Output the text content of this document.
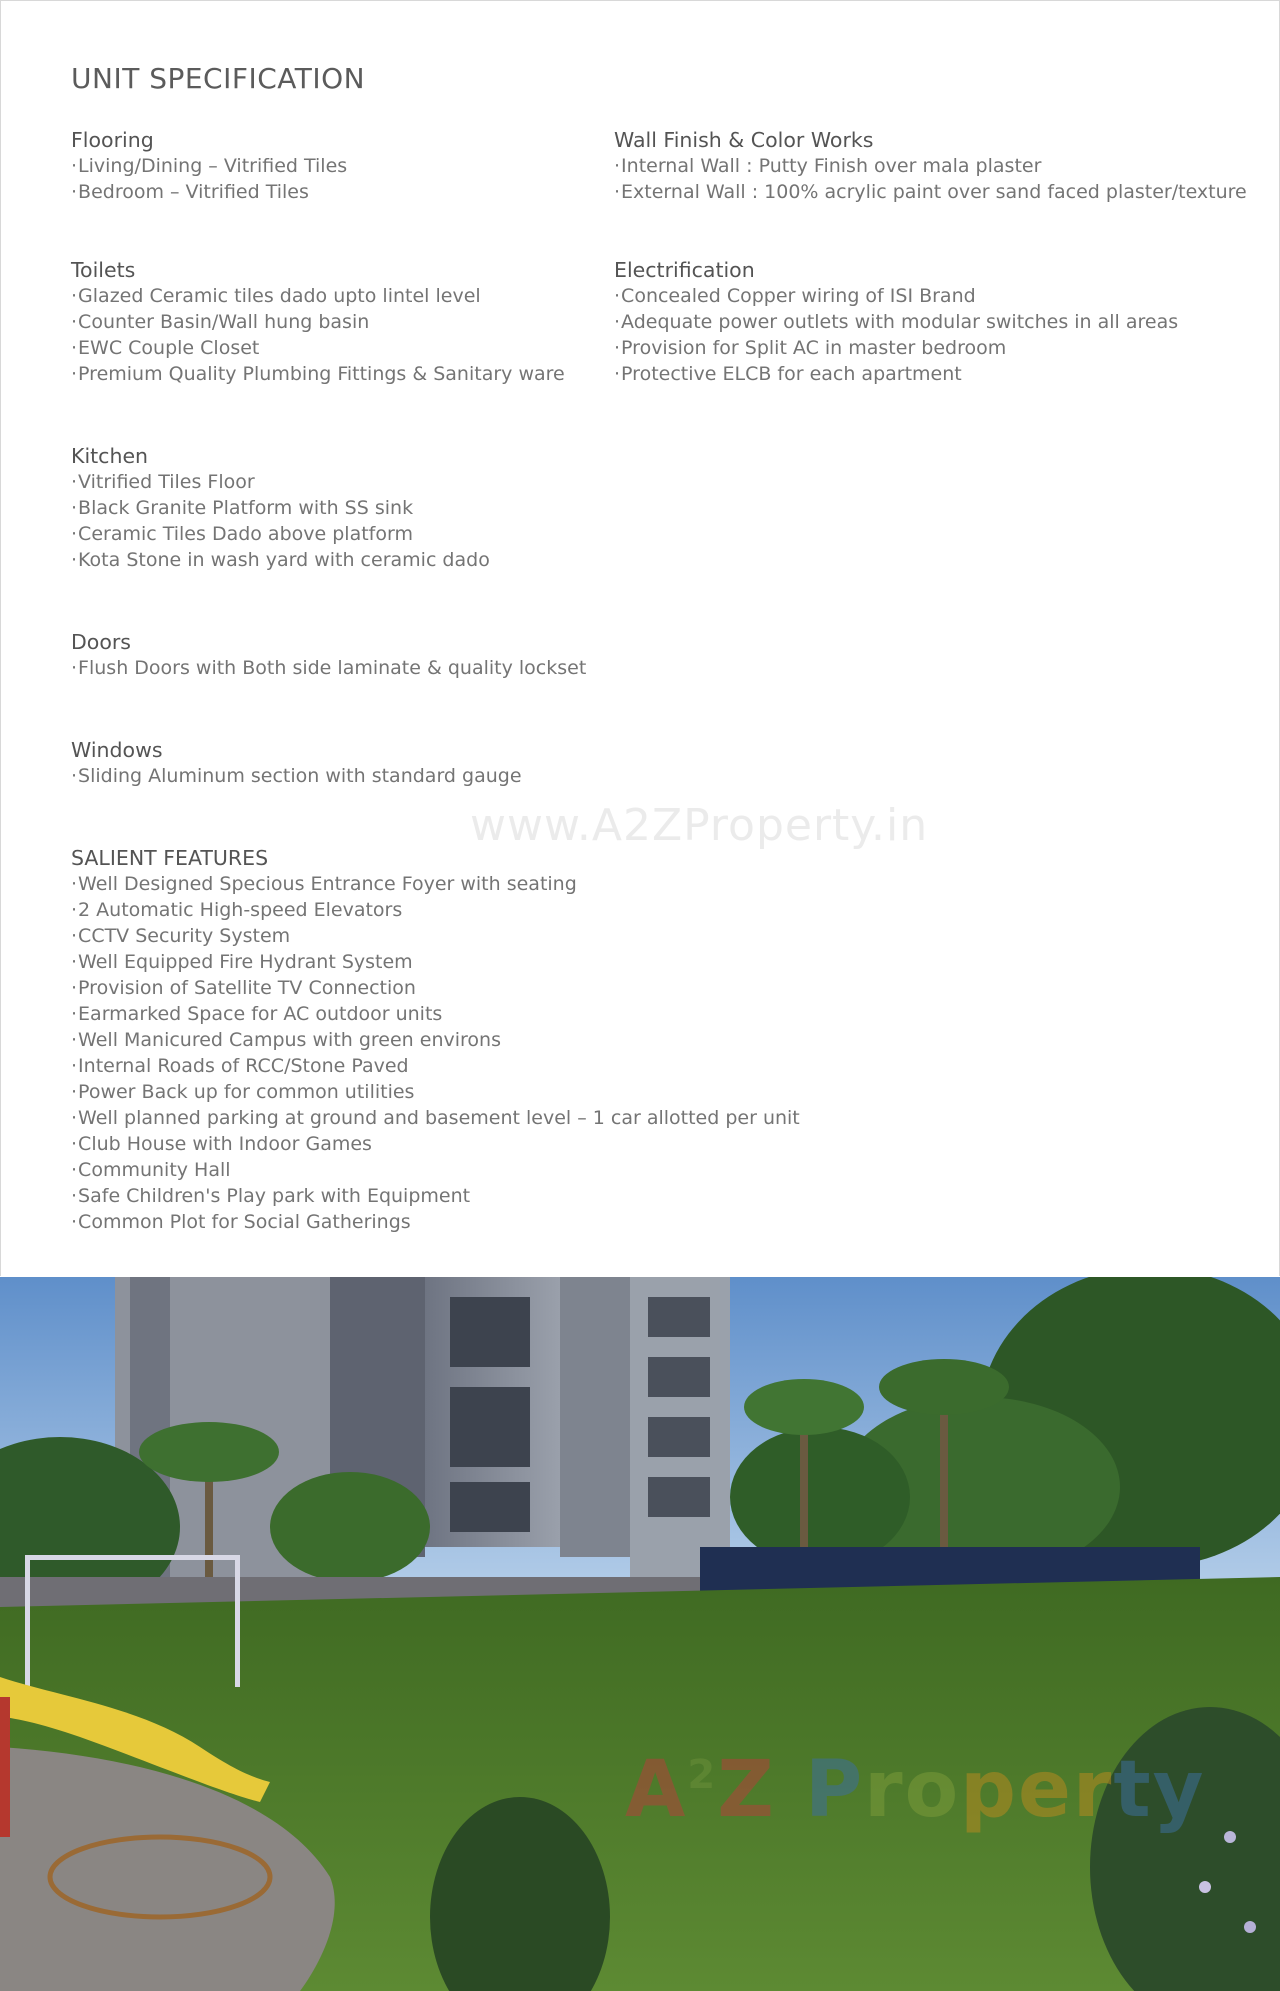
UNIT SPECIFICATION
Flooring
·Living/Dining – Vitrified Tiles
·Bedroom – Vitrified Tiles
Wall Finish & Color Works
·Internal Wall : Putty Finish over mala plaster
·External Wall : 100% acrylic paint over sand faced plaster/texture
Toilets
·Glazed Ceramic tiles dado upto lintel level
·Counter Basin/Wall hung basin
·EWC Couple Closet
·Premium Quality Plumbing Fittings & Sanitary ware
Electrification
·Concealed Copper wiring of ISI Brand
·Adequate power outlets with modular switches in all areas
·Provision for Split AC in master bedroom
·Protective ELCB for each apartment
Kitchen
·Vitrified Tiles Floor
·Black Granite Platform with SS sink
·Ceramic Tiles Dado above platform
·Kota Stone in wash yard with ceramic dado
Doors
·Flush Doors with Both side laminate & quality lockset
Windows
·Sliding Aluminum section with standard gauge
www.A2ZProperty.in
SALIENT FEATURES
·Well Designed Specious Entrance Foyer with seating
·2 Automatic High-speed Elevators
·CCTV Security System
·Well Equipped Fire Hydrant System
·Provision of Satellite TV Connection
·Earmarked Space for AC outdoor units
·Well Manicured Campus with green environs
·Internal Roads of RCC/Stone Paved
·Power Back up for common utilities
·Well planned parking at ground and basement level – 1 car allotted per unit
·Club House with Indoor Games
·Community Hall
·Safe Children's Play park with Equipment
·Common Plot for Social Gatherings
$A^2Z$ Property
